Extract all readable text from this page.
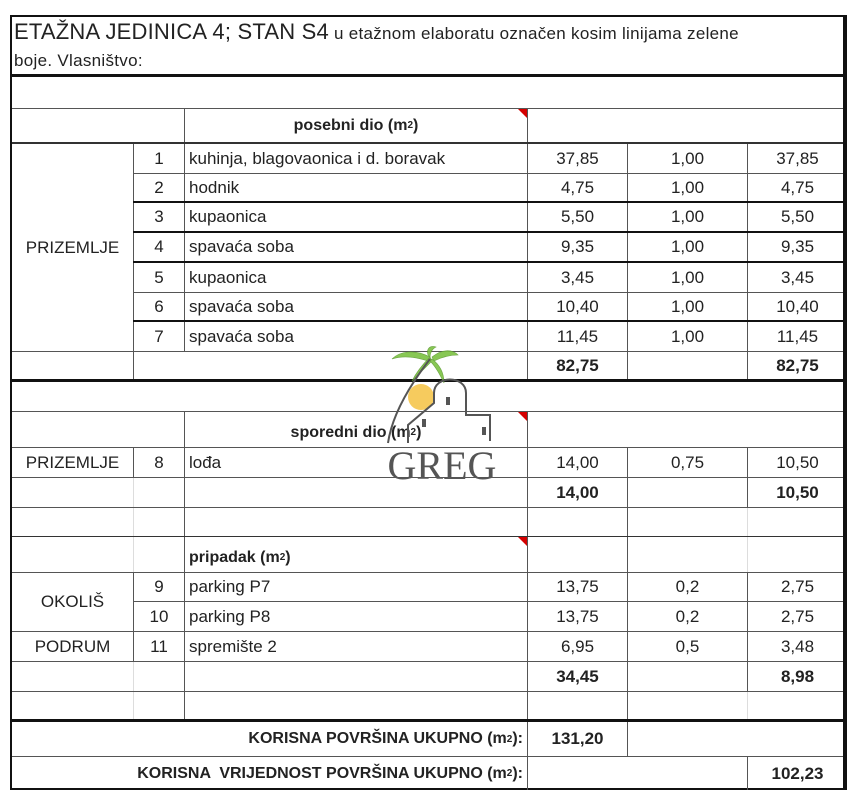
ETAŽNA JEDINICA 4; STAN S4 u etažnom elaboratu označen kosim linijama zelene
boje. Vlasništvo:
posebni dio (m 2 )
1	kuhinja, blagovaonica i d. boravak	37,85	1,00	37,85
2	hodnik	4,75	1,00	4,75
3	kupaonica	5,50	1,00	5,50
4	spavaća soba	9,35	1,00	9,35
5	kupaonica	3,45	1,00	3,45
6	spavaća soba	10,40	1,00	10,40
7	spavaća soba	11,45	1,00	11,45
PRIZEMLJE
82,75	82,75
sporedni dio (m 2 )
PRIZEMLJE	8	lođa	14,00	0,75	10,50
14,00	10,50
pripadak (m 2 )
9	parking P7	13,75	0,2	2,75
10	parking P8	13,75	0,2	2,75
OKOLIŠ
PODRUM	11	spremište 2	6,95	0,5	3,48
34,45	8,98
KORISNA POVRŠINA UKUPNO (m 2 ):	131,20
KORISNA  VRIJEDNOST POVRŠINA UKUPNO (m 2 ):	102,23
GREG
